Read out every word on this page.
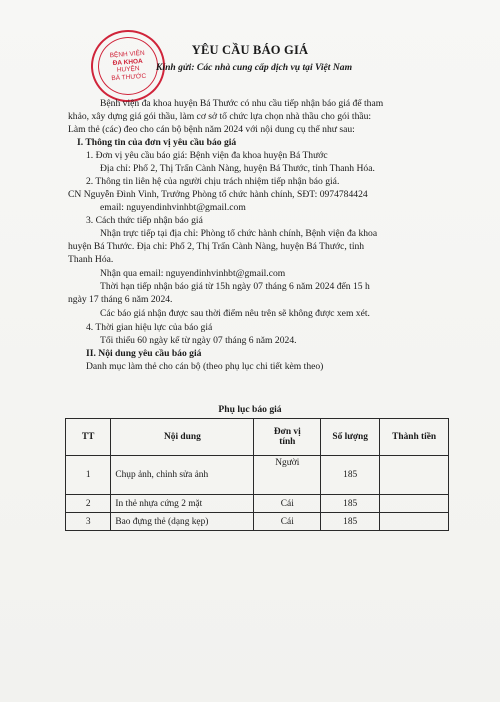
BỆNH VIỆN
ĐA KHOA
HUYỆN
BÁ THƯỚC
YÊU CẦU BÁO GIÁ
Kính gửi: Các nhà cung cấp dịch vụ tại Việt Nam
Bệnh viện đa khoa huyện Bá Thước có nhu cầu tiếp nhận báo giá để tham
khảo, xây dựng giá gói thầu, làm cơ sở tổ chức lựa chọn nhà thầu cho gói thầu:
Làm thẻ (các) đeo cho cán bộ bệnh năm 2024 với nội dung cụ thể như sau:
I. Thông tin của đơn vị yêu cầu báo giá
1. Đơn vị yêu cầu báo giá: Bệnh viện đa khoa huyện Bá Thước
Địa chỉ: Phố 2, Thị Trấn Cành Nàng, huyện Bá Thước, tỉnh Thanh Hóa.
2. Thông tin liên hệ của người chịu trách nhiệm tiếp nhận báo giá.
CN Nguyễn Đình Vinh, Trưởng Phòng tổ chức hành chính, SĐT: 0974784424
email: nguyendinhvinhbt@gmail.com
3. Cách thức tiếp nhận báo giá
Nhận trực tiếp tại địa chỉ: Phòng tổ chức hành chính, Bệnh viện đa khoa
huyện Bá Thước. Địa chỉ: Phố 2, Thị Trấn Cành Nàng, huyện Bá Thước, tỉnh
Thanh Hóa.
Nhận qua email: nguyendinhvinhbt@gmail.com
Thời hạn tiếp nhận báo giá từ 15h ngày 07 tháng 6 năm 2024 đến 15 h
ngày 17 tháng 6 năm 2024.
Các báo giá nhận được sau thời điểm nêu trên sẽ không được xem xét.
4. Thời gian hiệu lực của báo giá
Tối thiểu 60 ngày kể từ ngày 07 tháng 6 năm 2024.
II. Nội dung yêu cầu báo giá
Danh mục làm thẻ cho cán bộ (theo phụ lục chi tiết kèm theo)
Phụ lục báo giá
TT	Nội dung	Đơn vị
tính	Số lượng	Thành tiền
1	Chụp ảnh, chỉnh sửa ảnh	Người	185	
2	In thẻ nhựa cứng 2 mặt	Cái	185	
3	Bao đựng thẻ (dạng kẹp)	Cái	185	
